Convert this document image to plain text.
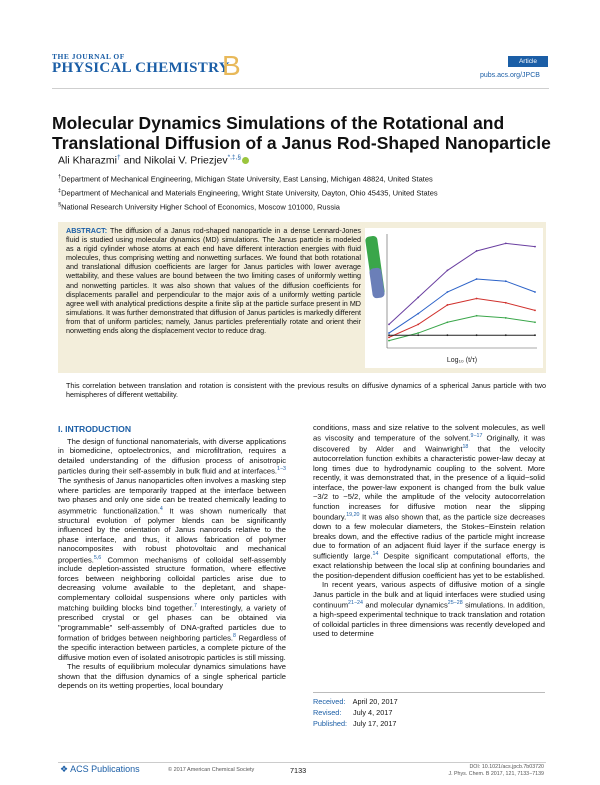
THE JOURNAL OF
PHYSICAL CHEMISTRY
B	Article
pubs.acs.org/JPCB
Molecular Dynamics Simulations of the Rotational and Translational Diffusion of a Janus Rod-Shaped Nanoparticle
Ali Kharazmi† and Nikolai V. Priezjev*,‡,§
†Department of Mechanical Engineering, Michigan State University, East Lansing, Michigan 48824, United States
‡Department of Mechanical and Materials Engineering, Wright State University, Dayton, Ohio 45435, United States
§National Research University Higher School of Economics, Moscow 101000, Russia
ABSTRACT: The diffusion of a Janus rod-shaped nanoparticle in a dense Lennard-Jones fluid is studied using molecular dynamics (MD) simulations. The Janus particle is modeled as a rigid cylinder whose atoms at each end have different interaction energies with fluid molecules, thus comprising wetting and nonwetting surfaces. We found that both rotational and translational diffusion coefficients are larger for Janus particles with lower average wettability, and these values are bound between the two limiting cases of uniformly wetting and nonwetting particles. It was also shown that values of the diffusion coefficients for displacements parallel and perpendicular to the major axis of a uniformly wetting particle agree well with analytical predictions despite a finite slip at the particle surface present in MD simulations. It was further demonstrated that diffusion of Janus particles is markedly different from that of uniform particles; namely, Janus particles preferentially rotate and orient their nonwetting ends along the displacement vector to reduce drag.
Log₁₀ (t/τ)
This correlation between translation and rotation is consistent with the previous results on diffusive dynamics of a spherical Janus particle with two hemispheres of different wettability.
I. INTRODUCTION
The design of functional nanomaterials, with diverse applications in biomedicine, optoelectronics, and microfiltration, requires a detailed understanding of the diffusion process of anisotropic particles during their self-assembly in bulk fluid and at interfaces.$^{1-3}$ The synthesis of Janus nanoparticles often involves a masking step where particles are temporarily trapped at the interface between two phases and only one side can be treated chemically leading to asymmetric functionalization.$^4$ It was shown numerically that structural evolution of polymer blends can be significantly influenced by the orientation of Janus nanorods relative to the phase interface, and thus, it allows fabrication of polymer nanocomposites with robust photovoltaic and mechanical properties.$^{5,6}$ Common mechanisms of colloidal self-assembly include depletion-assisted structure formation, where effective forces between neighboring colloidal particles arise due to decreasing volume available to the depletant, and shape-complementary colloidal suspensions where only particles with matching building blocks bind together.$^7$ Interestingly, a variety of prescribed crystal or gel phases can be obtained via "programmable" self-assembly of DNA-grafted particles due to formation of bridges between neighboring particles.$^8$ Regardless of the specific interaction between particles, a complete picture of the diffusive motion even of isolated anisotropic particles is still missing.
The results of equilibrium molecular dynamics simulations have shown that the diffusion dynamics of a single spherical particle depends on its wetting properties, local boundary
conditions, mass and size relative to the solvent molecules, as well as viscosity and temperature of the solvent.$^{9-17}$ Originally, it was discovered by Alder and Wainwright$^{18}$ that the velocity autocorrelation function exhibits a characteristic power-law decay at long times due to hydrodynamic coupling to the solvent. More recently, it was demonstrated that, in the presence of a liquid−solid interface, the power-law exponent is changed from the bulk value −3/2 to −5/2, while the amplitude of the velocity autocorrelation function increases for diffusive motion near the slipping boundary.$^{19,20}$ It was also shown that, as the particle size decreases down to a few molecular diameters, the Stokes−Einstein relation breaks down, and the effective radius of the particle might increase due to formation of an adjacent fluid layer if the surface energy is sufficiently large.$^{14}$ Despite significant computational efforts, the exact relationship between the local slip at confining boundaries and the position-dependent diffusion coefficient has yet to be established.
In recent years, various aspects of diffusive motion of a single Janus particle in the bulk and at liquid interfaces were studied using continuum$^{21-24}$ and molecular dynamics$^{25-28}$ simulations. In addition, a high-speed experimental technique to track translation and rotation of colloidal particles in three dimensions was recently developed and used to determine
Received: April 20, 2017
Revised: July 4, 2017
Published: July 17, 2017
❖ ACS Publications	© 2017 American Chemical Society	7133	DOI: 10.1021/acs.jpcb.7b03720
J. Phys. Chem. B 2017, 121, 7133−7139
